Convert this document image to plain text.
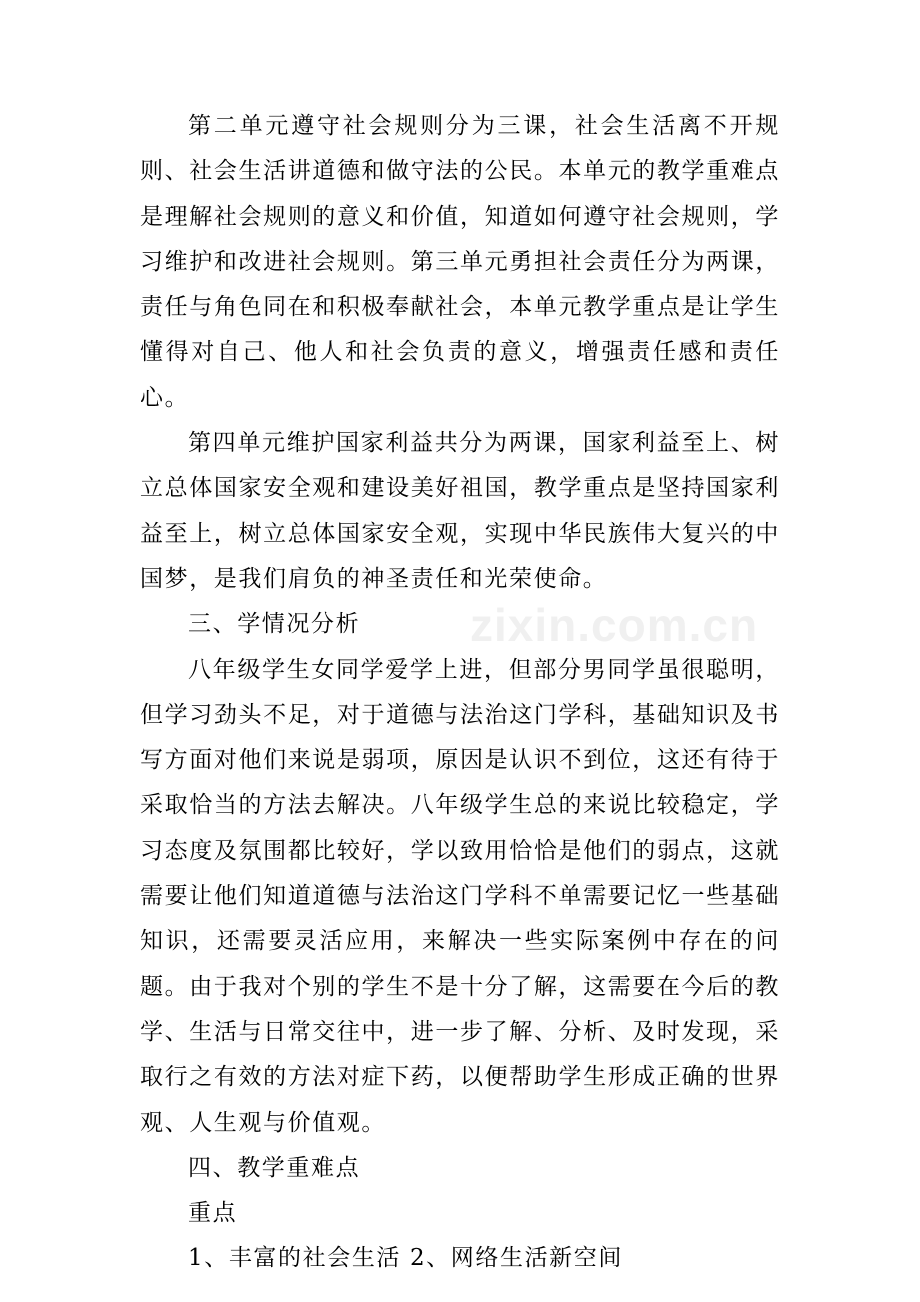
第二单元遵守社会规则分为三课，社会生活离不开规则、社会生活讲道德和做守法的公民。本单元的教学重难点是理解社会规则的意义和价值，知道如何遵守社会规则，学习维护和改进社会规则。第三单元勇担社会责任分为两课，责任与角色同在和积极奉献社会，本单元教学重点是让学生懂得对自己、他人和社会负责的意义，增强责任感和责任心。

第四单元维护国家利益共分为两课，国家利益至上、树立总体国家安全观和建设美好祖国，教学重点是坚持国家利益至上，树立总体国家安全观，实现中华民族伟大复兴的中国梦，是我们肩负的神圣责任和光荣使命。

三、学情况分析

八年级学生女同学爱学上进，但部分男同学虽很聪明，但学习劲头不足，对于道德与法治这门学科，基础知识及书写方面对他们来说是弱项，原因是认识不到位，这还有待于采取恰当的方法去解决。八年级学生总的来说比较稳定，学习态度及氛围都比较好，学以致用恰恰是他们的弱点，这就需要让他们知道道德与法治这门学科不单需要记忆一些基础知识，还需要灵活应用，来解决一些实际案例中存在的问题。由于我对个别的学生不是十分了解，这需要在今后的教学、生活与日常交往中，进一步了解、分析、及时发现，采取行之有效的方法对症下药，以便帮助学生形成正确的世界观、人生观与价值观。

四、教学重难点

重点

1、丰富的社会生活 2、网络生活新空间

zixin.com.cn
